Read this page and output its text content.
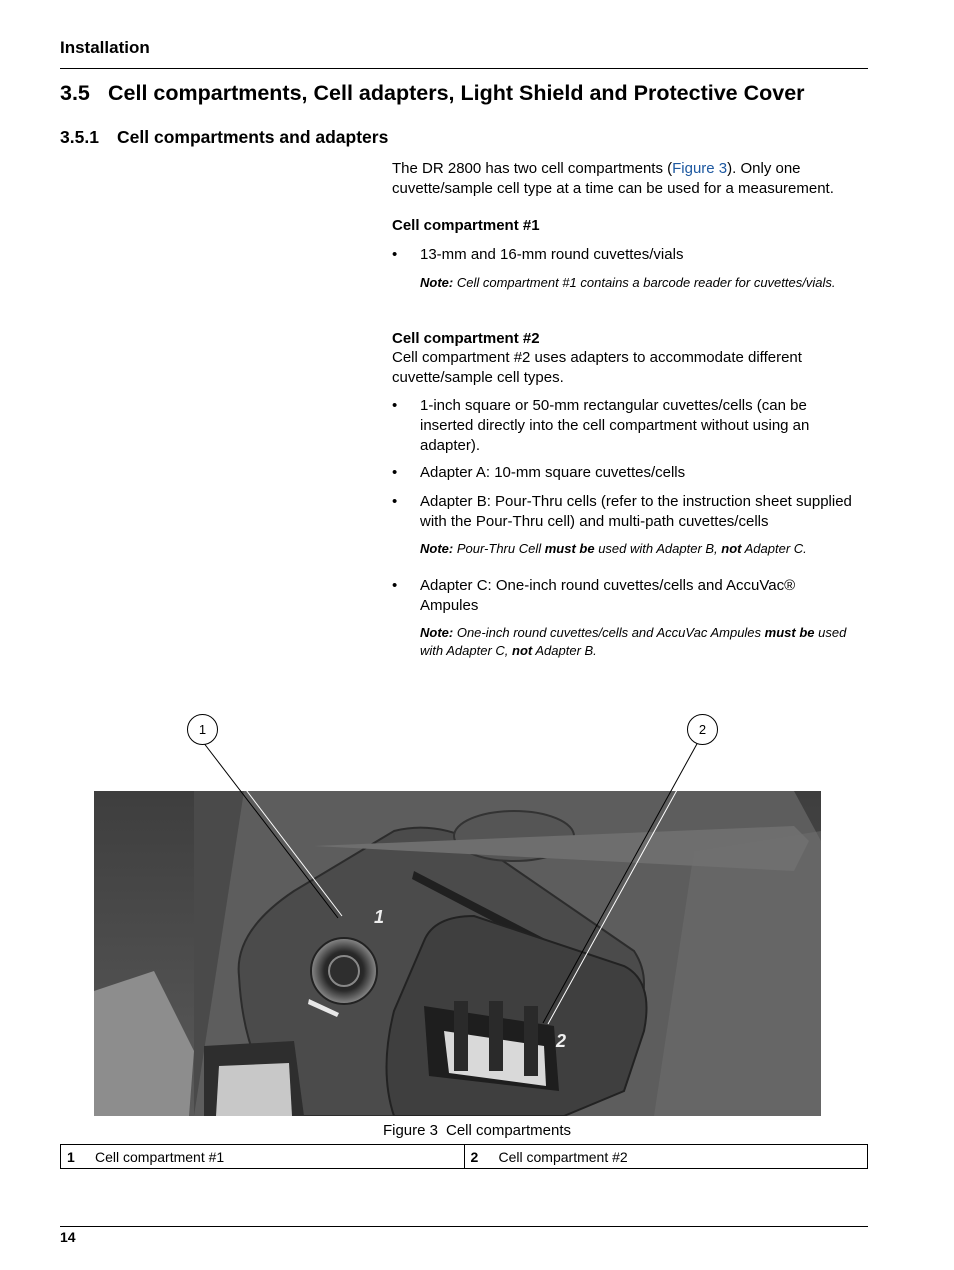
Installation
3.5 Cell compartments, Cell adapters, Light Shield and Protective Cover
3.5.1 Cell compartments and adapters

The DR 2800 has two cell compartments (Figure 3). Only one cuvette/sample cell type at a time can be used for a measurement.

Cell compartment #1
• 13-mm and 16-mm round cuvettes/vials
Note: Cell compartment #1 contains a barcode reader for cuvettes/vials.
Cell compartment #2
Cell compartment #2 uses adapters to accommodate different cuvette/sample cell types.
• 1-inch square or 50-mm rectangular cuvettes/cells (can be inserted directly into the cell compartment without using an adapter).
• Adapter A: 10-mm square cuvettes/cells
• Adapter B: Pour-Thru cells (refer to the instruction sheet supplied with the Pour-Thru cell) and multi-path cuvettes/cells
Note: Pour-Thru Cell must be used with Adapter B, not Adapter C.
• Adapter C: One-inch round cuvettes/cells and AccuVac® Ampules
Note: One-inch round cuvettes/cells and AccuVac Ampules must be used with Adapter C, not Adapter B.
1
2
1	2
Figure 3 Cell compartments
1	Cell compartment #1	2	Cell compartment #2
14
